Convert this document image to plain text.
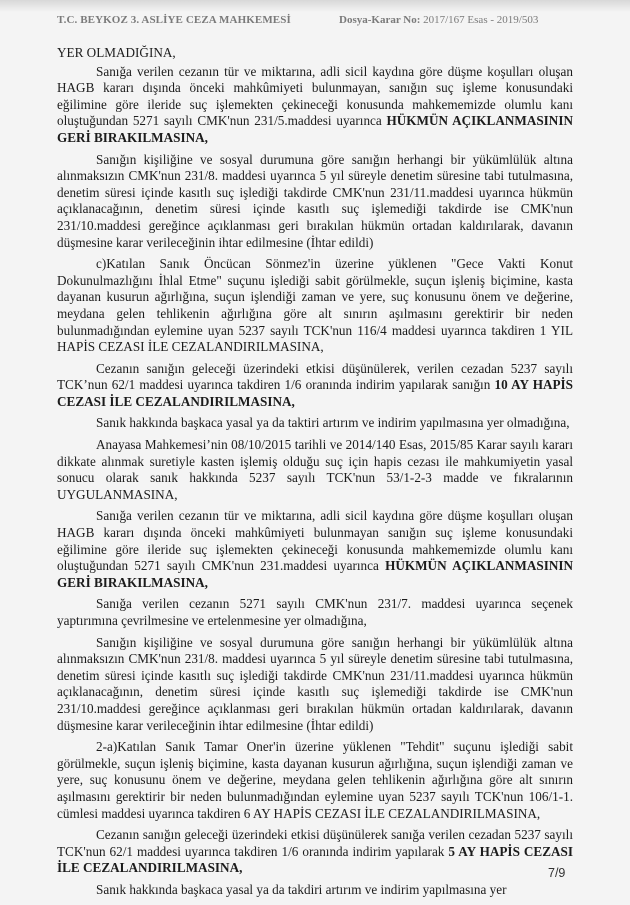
T.C. BEYKOZ 3. ASLİYE CEZA MAHKEMESİ	Dosya-Karar No: 2017/167 Esas - 2019/503

YER OLMADIĞINA,

Sanığa verilen cezanın tür ve miktarına, adli sicil kaydına göre düşme koşulları oluşan HAGB kararı dışında önceki mahkûmiyeti bulunmayan, sanığın suç işleme konusundaki eğilimine göre ileride suç işlemekten çekineceği konusunda mahkememizde olumlu kanı oluştuğundan 5271 sayılı CMK'nun 231/5.maddesi uyarınca HÜKMÜN AÇIKLANMASININ GERİ BIRAKILMASINA,

Sanığın kişiliğine ve sosyal durumuna göre sanığın herhangi bir yükümlülük altına alınmaksızın CMK'nun 231/8. maddesi uyarınca 5 yıl süreyle denetim süresine tabi tutulmasına, denetim süresi içinde kasıtlı suç işlediği takdirde CMK'nun 231/11.maddesi uyarınca hükmün açıklanacağının, denetim süresi içinde kasıtlı suç işlemediği takdirde ise CMK'nun 231/10.maddesi gereğince açıklanması geri bırakılan hükmün ortadan kaldırılarak, davanın düşmesine karar verileceğinin ihtar edilmesine (İhtar edildi)

c)Katılan Sanık Öncücan Sönmez'in üzerine yüklenen "Gece Vakti Konut Dokunulmazlığını İhlal Etme" suçunu işlediği sabit görülmekle, suçun işleniş biçimine, kasta dayanan kusurun ağırlığına, suçun işlendiği zaman ve yere, suç konusunu önem ve değerine, meydana gelen tehlikenin ağırlığına göre alt sınırın aşılmasını gerektirir bir neden bulunmadığından eylemine uyan 5237 sayılı TCK'nun 116/4 maddesi uyarınca takdiren 1 YIL HAPİS CEZASI İLE CEZALANDIRILMASINA,

Cezanın sanığın geleceği üzerindeki etkisi düşünülerek, verilen cezadan 5237 sayılı TCK’nun 62/1 maddesi uyarınca takdiren 1/6 oranında indirim yapılarak sanığın 10 AY HAPİS CEZASI İLE CEZALANDIRILMASINA,

Sanık hakkında başkaca yasal ya da taktiri artırım ve indirim yapılmasına yer olmadığına,

Anayasa Mahkemesi’nin 08/10/2015 tarihli ve 2014/140 Esas, 2015/85 Karar sayılı kararı dikkate alınmak suretiyle kasten işlemiş olduğu suç için hapis cezası ile mahkumiyetin yasal sonucu olarak sanık hakkında 5237 sayılı TCK'nun 53/1-2-3 madde ve fıkralarının UYGULANMASINA,

Sanığa verilen cezanın tür ve miktarına, adli sicil kaydına göre düşme koşulları oluşan HAGB kararı dışında önceki mahkûmiyeti bulunmayan sanığın suç işleme konusundaki eğilimine göre ileride suç işlemekten çekineceği konusunda mahkememizde olumlu kanı oluştuğundan 5271 sayılı CMK'nun 231.maddesi uyarınca HÜKMÜN AÇIKLANMASININ GERİ BIRAKILMASINA,

Sanığa verilen cezanın 5271 sayılı CMK'nun 231/7. maddesi uyarınca seçenek yaptırımına çevrilmesine ve ertelenmesine yer olmadığına,

Sanığın kişiliğine ve sosyal durumuna göre sanığın herhangi bir yükümlülük altına alınmaksızın CMK'nun 231/8. maddesi uyarınca 5 yıl süreyle denetim süresine tabi tutulmasına, denetim süresi içinde kasıtlı suç işlediği takdirde CMK'nun 231/11.maddesi uyarınca hükmün açıklanacağının, denetim süresi içinde kasıtlı suç işlemediği takdirde ise CMK'nun 231/10.maddesi gereğince açıklanması geri bırakılan hükmün ortadan kaldırılarak, davanın düşmesine karar verileceğinin ihtar edilmesine (İhtar edildi)

2-a)Katılan Sanık Tamar Oner'in üzerine yüklenen "Tehdit" suçunu işlediği sabit görülmekle, suçun işleniş biçimine, kasta dayanan kusurun ağırlığına, suçun işlendiği zaman ve yere, suç konusunu önem ve değerine, meydana gelen tehlikenin ağırlığına göre alt sınırın aşılmasını gerektirir bir neden bulunmadığından eylemine uyan 5237 sayılı TCK'nun 106/1-1. cümlesi maddesi uyarınca takdiren 6 AY HAPİS CEZASI İLE CEZALANDIRILMASINA,

Cezanın sanığın geleceği üzerindeki etkisi düşünülerek sanığa verilen cezadan 5237 sayılı TCK'nun 62/1 maddesi uyarınca takdiren 1/6 oranında indirim yapılarak 5 AY HAPİS CEZASI İLE CEZALANDIRILMASINA,

Sanık hakkında başkaca yasal ya da takdiri artırım ve indirim yapılmasına yer

7/9
